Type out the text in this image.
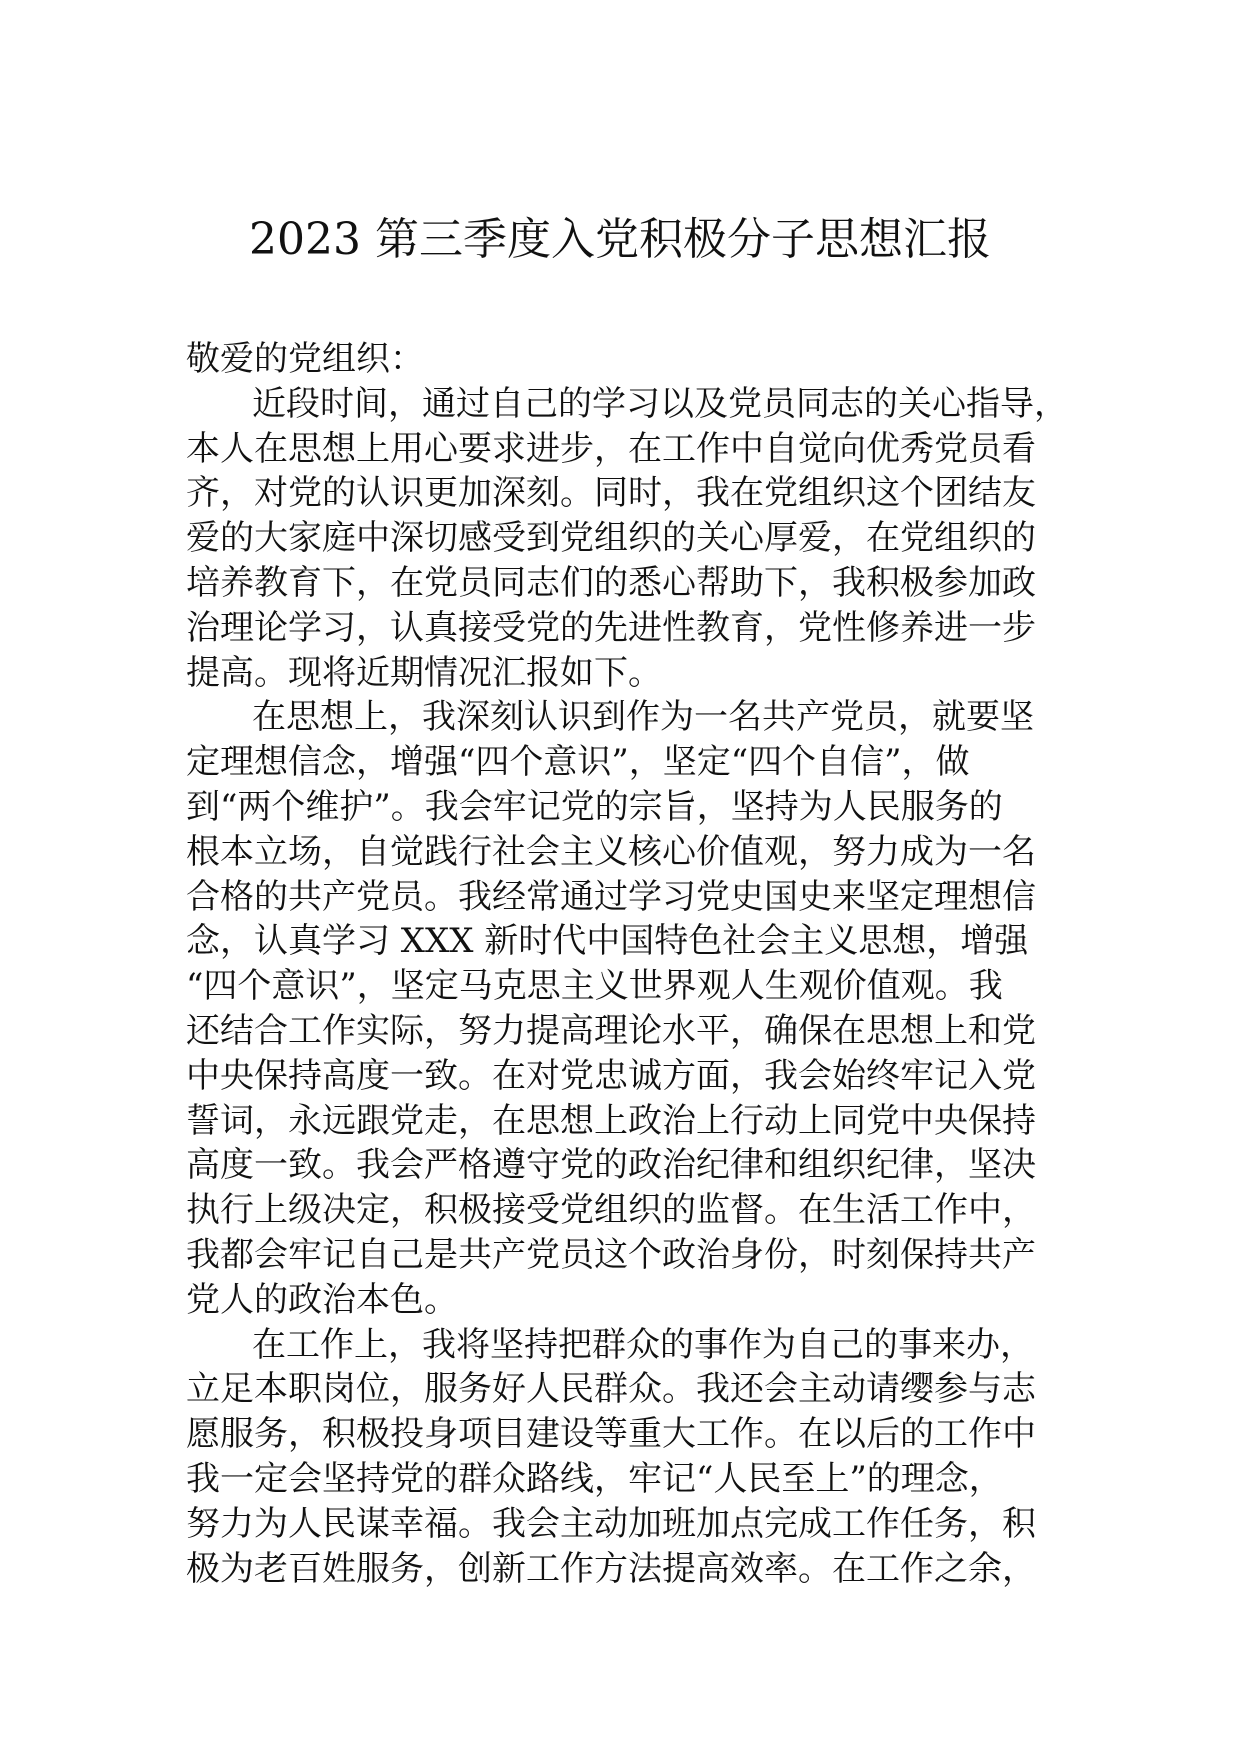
2023 第三季度入党积极分子思想汇报
敬爱的党组织：
近段时间，通过自己的学习以及党员同志的关心指导，
本人在思想上用心要求进步，在工作中自觉向优秀党员看
齐，对党的认识更加深刻。同时，我在党组织这个团结友
爱的大家庭中深切感受到党组织的关心厚爱，在党组织的
培养教育下，在党员同志们的悉心帮助下，我积极参加政
治理论学习，认真接受党的先进性教育，党性修养进一步
提高。现将近期情况汇报如下。
在思想上，我深刻认识到作为一名共产党员，就要坚
定理想信念，增强“四个意识”，坚定“四个自信”，做
到“两个维护”。我会牢记党的宗旨，坚持为人民服务的
根本立场，自觉践行社会主义核心价值观，努力成为一名
合格的共产党员。我经常通过学习党史国史来坚定理想信
念，认真学习 XXX 新时代中国特色社会主义思想，增强
“四个意识”，坚定马克思主义世界观人生观价值观。我
还结合工作实际，努力提高理论水平，确保在思想上和党
中央保持高度一致。在对党忠诚方面，我会始终牢记入党
誓词，永远跟党走，在思想上政治上行动上同党中央保持
高度一致。我会严格遵守党的政治纪律和组织纪律，坚决
执行上级决定，积极接受党组织的监督。在生活工作中，
我都会牢记自己是共产党员这个政治身份，时刻保持共产
党人的政治本色。
在工作上，我将坚持把群众的事作为自己的事来办，
立足本职岗位，服务好人民群众。我还会主动请缨参与志
愿服务，积极投身项目建设等重大工作。在以后的工作中
我一定会坚持党的群众路线，牢记“人民至上”的理念，
努力为人民谋幸福。我会主动加班加点完成工作任务，积
极为老百姓服务，创新工作方法提高效率。在工作之余，
